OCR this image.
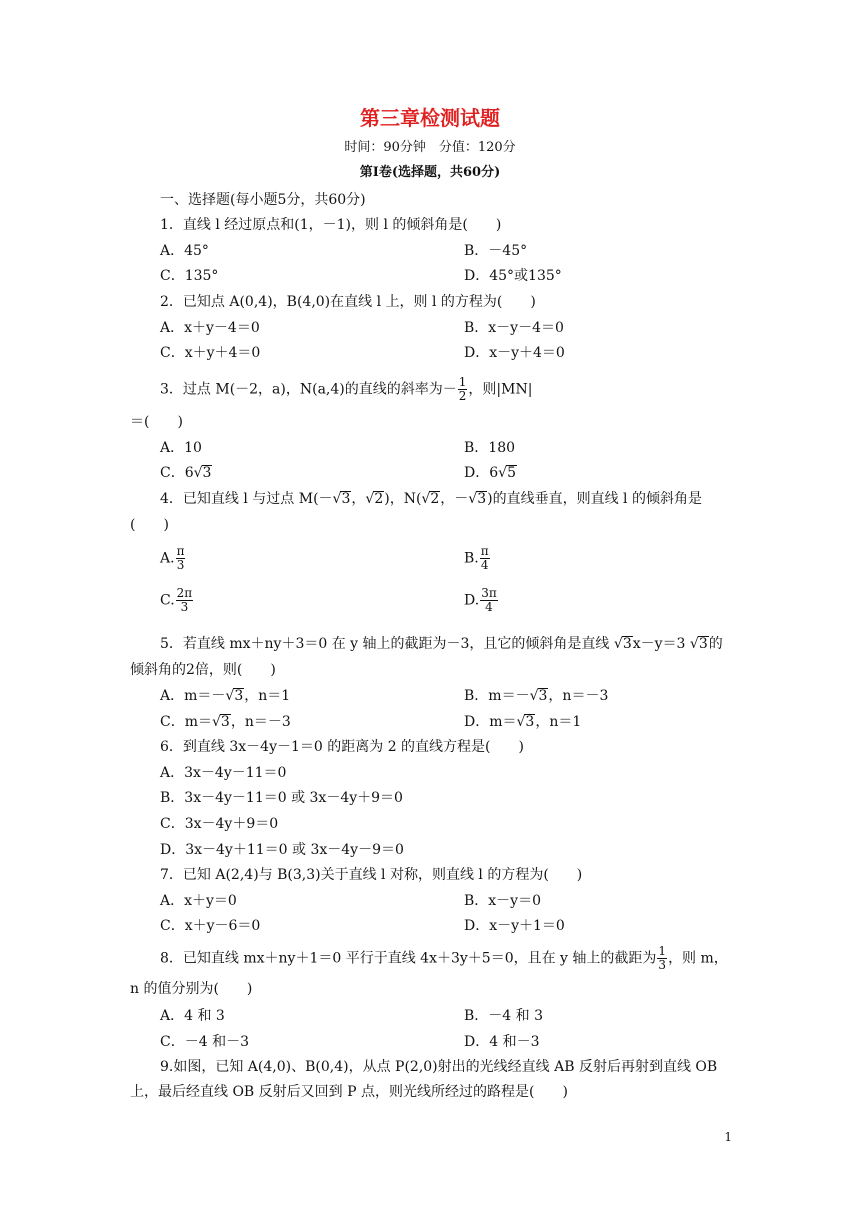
第三章检测试题
时间：90分钟　分值：120分
第Ⅰ卷(选择题，共60分)
一、选择题(每小题5分，共60分)
1．直线 l 经过原点和(1，－1)，则 l 的倾斜角是(　　)
A．45°	B．－45°
C．135°	D．45°或135°
2．已知点 A(0,4)，B(4,0)在直线 l 上，则 l 的方程为(　　)
A．x＋y－4＝0	B．x－y－4＝0
C．x＋y＋4＝0	D．x－y＋4＝0
3．过点 M(－2，a)，N(a,4)的直线的斜率为－ $\frac{1}{2}$ ，则|MN|
＝(　　)
A．10	B．180
C．6√3	D．6√5
4．已知直线 l 与过点 M(－√3，√2)，N(√2，－√3)的直线垂直，则直线 l 的倾斜角是
(　　)
A. $\frac{\pi}{3}$	B. $\frac{\pi}{4}$
C. $\frac{2\pi}{3}$	D. $\frac{3\pi}{4}$
5．若直线 mx＋ny＋3＝0 在 y 轴上的截距为－3，且它的倾斜角是直线 √3x－y＝3 √3的
倾斜角的2倍，则(　　)
A．m＝－√3，n＝1	B．m＝－√3，n＝－3
C．m＝√3，n＝－3	D．m＝√3，n＝1
6．到直线 3x－4y－1＝0 的距离为 2 的直线方程是(　　)
A．3x－4y－11＝0
B．3x－4y－11＝0 或 3x－4y＋9＝0
C．3x－4y＋9＝0
D．3x－4y＋11＝0 或 3x－4y－9＝0
7．已知 A(2,4)与 B(3,3)关于直线 l 对称，则直线 l 的方程为(　　)
A．x＋y＝0	B．x－y＝0
C．x＋y－6＝0	D．x－y＋1＝0
8．已知直线 mx＋ny＋1＝0 平行于直线 4x＋3y＋5＝0，且在 y 轴上的截距为 $\frac{1}{3}$ ，则 m，
n 的值分别为(　　)
A．4 和 3	B．－4 和 3
C．－4 和－3	D．4 和－3
9.如图，已知 A(4,0)、B(0,4)，从点 P(2,0)射出的光线经直线 AB 反射后再射到直线 OB
上，最后经直线 OB 反射后又回到 P 点，则光线所经过的路程是(　　)
1
